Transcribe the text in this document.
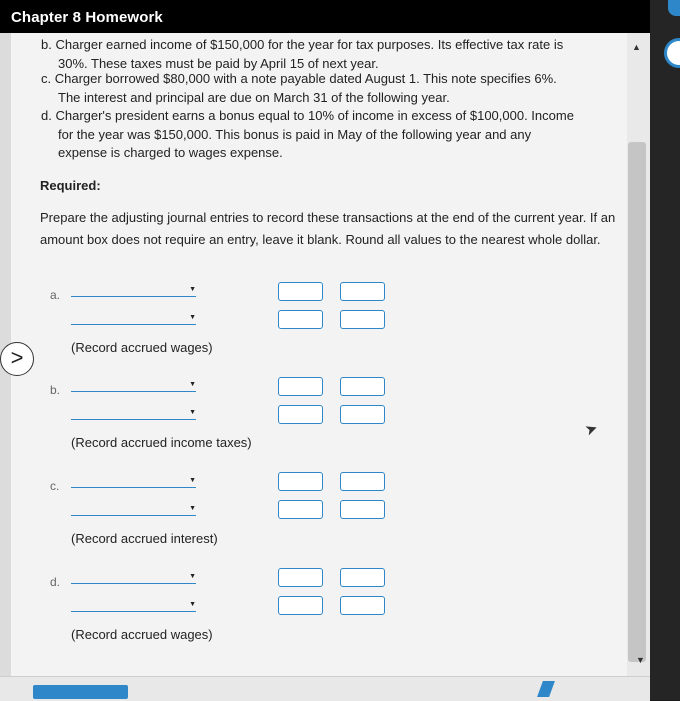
Chapter 8 Homework
▲
▼
b. Charger earned income of $150,000 for the year for tax purposes. Its effective tax rate is
30%. These taxes must be paid by April 15 of next year.
c. Charger borrowed $80,000 with a note payable dated August 1. This note specifies 6%.
The interest and principal are due on March 31 of the following year.
d. Charger's president earns a bonus equal to 10% of income in excess of $100,000. Income
for the year was $150,000. This bonus is paid in May of the following year and any
expense is charged to wages expense.
Required:
Prepare the adjusting journal entries to record these transactions at the end of the current year. If an amount box does not require an entry, leave it blank. Round all values to the nearest whole dollar.
a.	▼
▼
(Record accrued wages)
b.	▼
▼
(Record accrued income taxes)
c.	▼
▼
(Record accrued interest)
d.	▼
▼
(Record accrued wages)
>
➤
